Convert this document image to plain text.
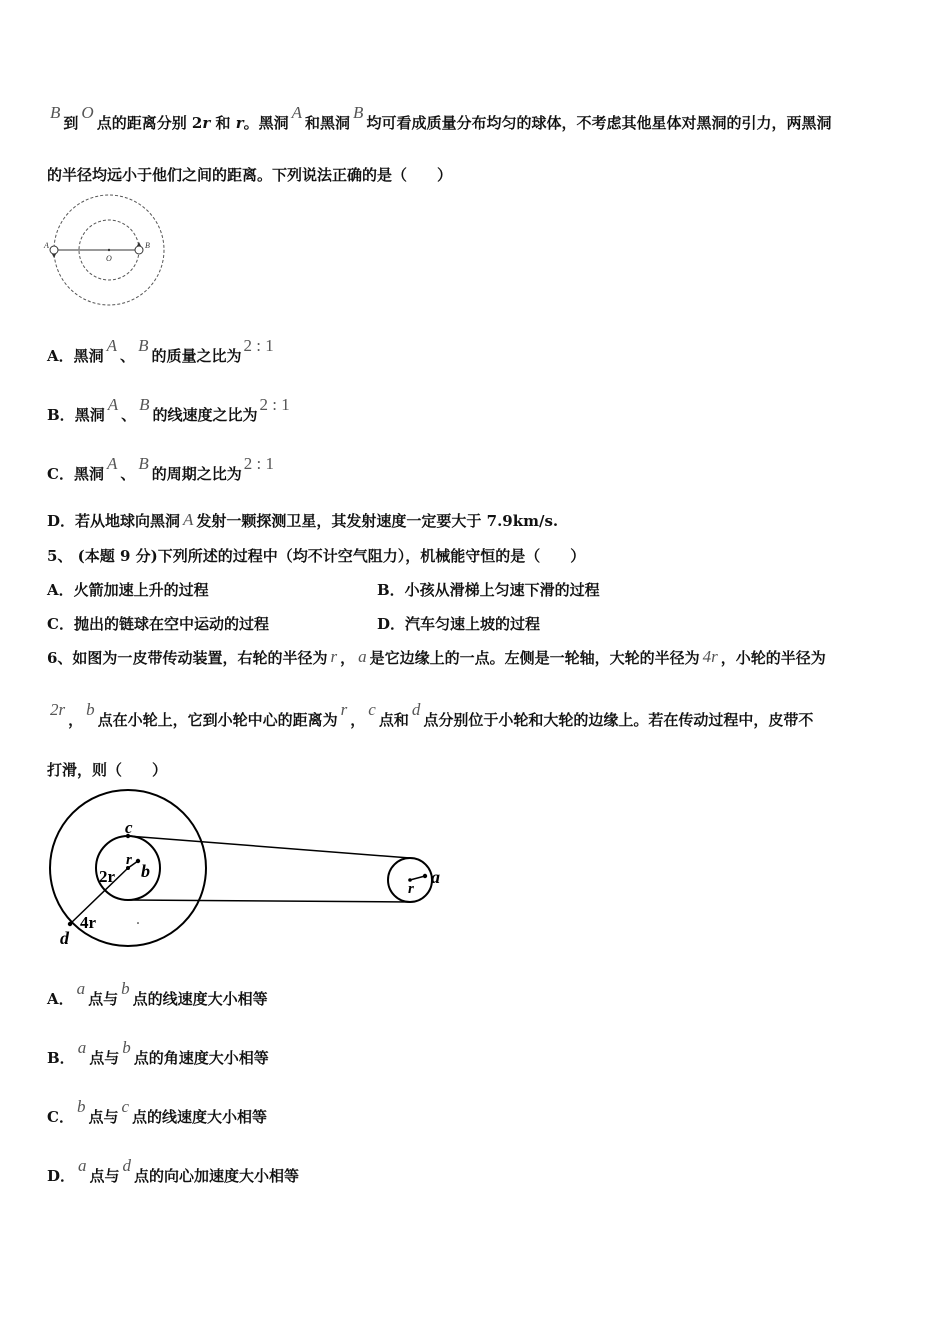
B到O点的距离分别 2r 和 r。黑洞A和黑洞B均可看成质量分布均匀的球体，不考虑其他星体对黑洞的引力，两黑洞
的半径均远小于他们之间的距离。下列说法正确的是（　　）
A	B
O
A．黑洞A、B的质量之比为2 : 1
B．黑洞A、B的线速度之比为2 : 1
C．黑洞A、B的周期之比为2 : 1
D．若从地球向黑洞 A 发射一颗探测卫星，其发射速度一定要大于 7.9km/s.
5、 (本题 9 分)下列所述的过程中（均不计空气阻力），机械能守恒的是（　　）
A．火箭加速上升的过程	B．小孩从滑梯上匀速下滑的过程
C．抛出的链球在空中运动的过程	D．汽车匀速上坡的过程
6、如图为一皮带传动装置，右轮的半径为 r ， a 是它边缘上的一点。左侧是一轮轴，大轮的半径为 4r ，小轮的半径为
2r，b点在小轮上，它到小轮中心的距离为r，c点和d点分别位于小轮和大轮的边缘上。若在传动过程中，皮带不
打滑，则（　　）
c
r
b
2r
4r
d
r
a
A．a点与b点的线速度大小相等
B．a点与b点的角速度大小相等
C．b点与c点的线速度大小相等
D．a点与d点的向心加速度大小相等
